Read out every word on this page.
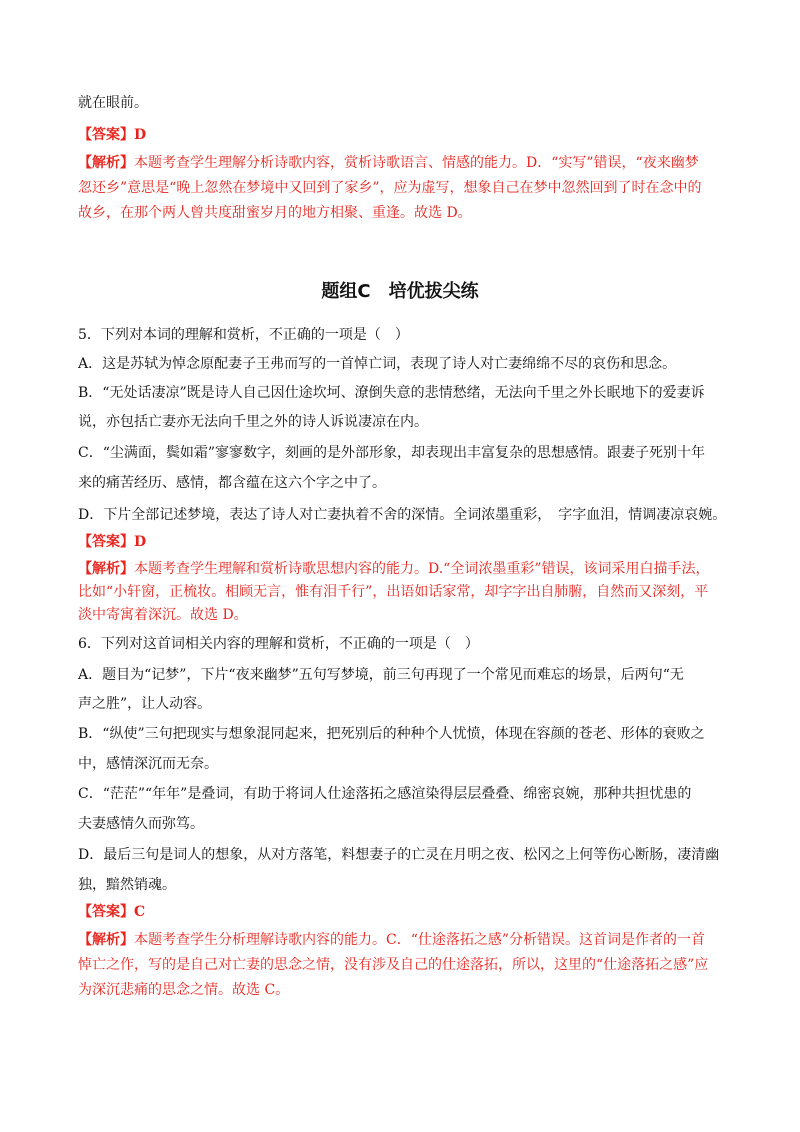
就在眼前。
【答案】D
【解析】本题考查学生理解分析诗歌内容，赏析诗歌语言、情感的能力。D．“实写”错误，“夜来幽梦
忽还乡”意思是“晚上忽然在梦境中又回到了家乡”，应为虚写，想象自己在梦中忽然回到了时在念中的
故乡，在那个两人曾共度甜蜜岁月的地方相聚、重逢。故选 D。
题组C　培优拔尖练
5．下列对本词的理解和赏析，不正确的一项是（　）
A．这是苏轼为悼念原配妻子王弗而写的一首悼亡词，表现了诗人对亡妻绵绵不尽的哀伤和思念。
B．“无处话凄凉”既是诗人自己因仕途坎坷、潦倒失意的悲情愁绪，无法向千里之外长眠地下的爱妻诉
说，亦包括亡妻亦无法向千里之外的诗人诉说凄凉在内。
C．“尘满面，鬓如霜”寥寥数字，刻画的是外部形象，却表现出丰富复杂的思想感情。跟妻子死别十年
来的痛苦经历、感情，都含蕴在这六个字之中了。
D．下片全部记述梦境，表达了诗人对亡妻执着不舍的深情。全词浓墨重彩，　字字血泪，情调凄凉哀婉。
【答案】D
【解析】本题考查学生理解和赏析诗歌思想内容的能力。D.“全词浓墨重彩”错误，该词采用白描手法，
比如“小轩窗，正梳妆。相顾无言，惟有泪千行”，出语如话家常，却字字出自肺腑，自然而又深刻，平
淡中寄寓着深沉。故选 D。
6．下列对这首词相关内容的理解和赏析，不正确的一项是（　）
A．题目为“记梦”，下片“夜来幽梦”五句写梦境，前三句再现了一个常见而难忘的场景，后两句“无
声之胜”，让人动容。
B．“纵使”三句把现实与想象混同起来，把死别后的种种个人忧愤，体现在容颜的苍老、形体的衰败之
中，感情深沉而无奈。
C．“茫茫”“年年”是叠词，有助于将词人仕途落拓之感渲染得层层叠叠、绵密哀婉，那种共担忧患的
夫妻感情久而弥笃。
D．最后三句是词人的想象，从对方落笔，料想妻子的亡灵在月明之夜、松冈之上何等伤心断肠，凄清幽
独，黯然销魂。
【答案】C
【解析】本题考查学生分析理解诗歌内容的能力。C．“仕途落拓之感”分析错误。这首词是作者的一首
悼亡之作，写的是自己对亡妻的思念之情，没有涉及自己的仕途落拓，所以，这里的“仕途落拓之感”应
为深沉悲痛的思念之情。故选 C。
